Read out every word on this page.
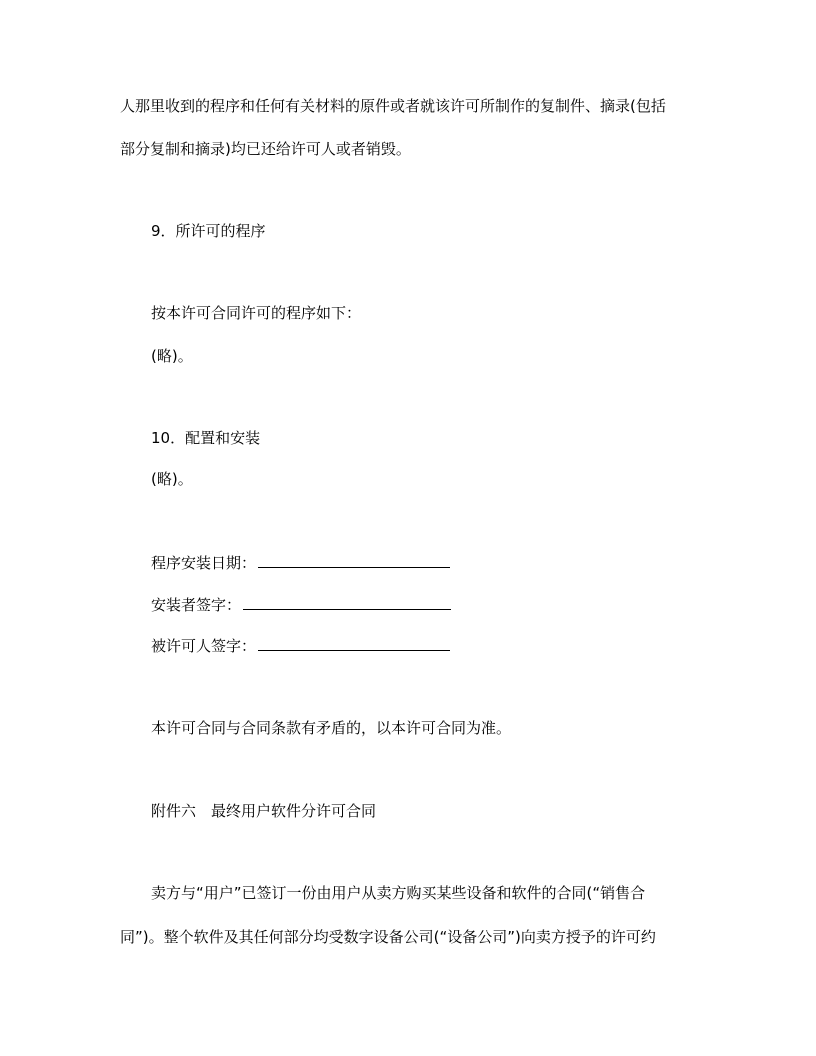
人那里收到的程序和任何有关材料的原件或者就该许可所制作的复制件、摘录(包括
部分复制和摘录)均已还给许可人或者销毁。
9．所许可的程序
按本许可合同许可的程序如下：
(略)。
10．配置和安装
(略)。
程序安装日期：
安装者签字：
被许可人签字：
本许可合同与合同条款有矛盾的，以本许可合同为准。
附件六　最终用户软件分许可合同
卖方与“用户”已签订一份由用户从卖方购买某些设备和软件的合同(“销售合
同”)。整个软件及其任何部分均受数字设备公司(“设备公司”)向卖方授予的许可约
